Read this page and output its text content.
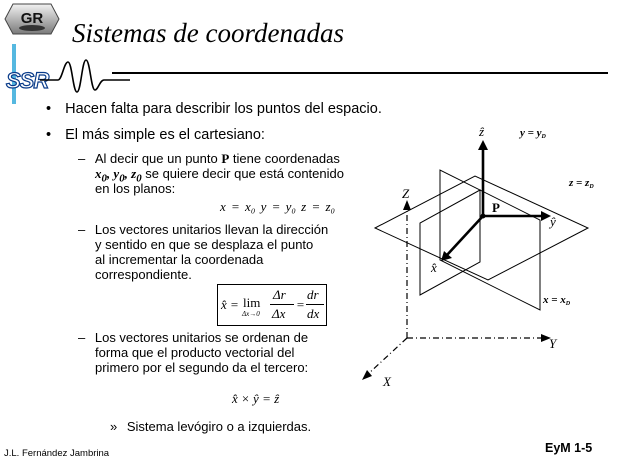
GR
SSR
Sistemas de coordenadas
• Hacen falta para describir los puntos del espacio.
• El más simple es el cartesiano:
– Al decir que un punto P tiene coordenadas
$x_0$, $y_0$, $z_0$ se quiere decir que está contenido
en los planos:
x = x₀ y = y₀ z = z₀
– Los vectores unitarios llevan la dirección
y sentido en que se desplaza el punto
al incrementar la coordenada
correspondiente.
x̂ = lim
Δx→0
Δr⃗
Δx
=
dr⃗
dx
– Los vectores unitarios se ordenan de
forma que el producto vectorial del
primero por el segundo da el tercero:
x̂ × ŷ = ẑ
» Sistema levógiro o a izquierdas.
ẑ
ŷ
x̂
P
Z
Y
X
y = yD
z = zD
x = xD
J.L. Fernández Jambrina	EyM 1-5
